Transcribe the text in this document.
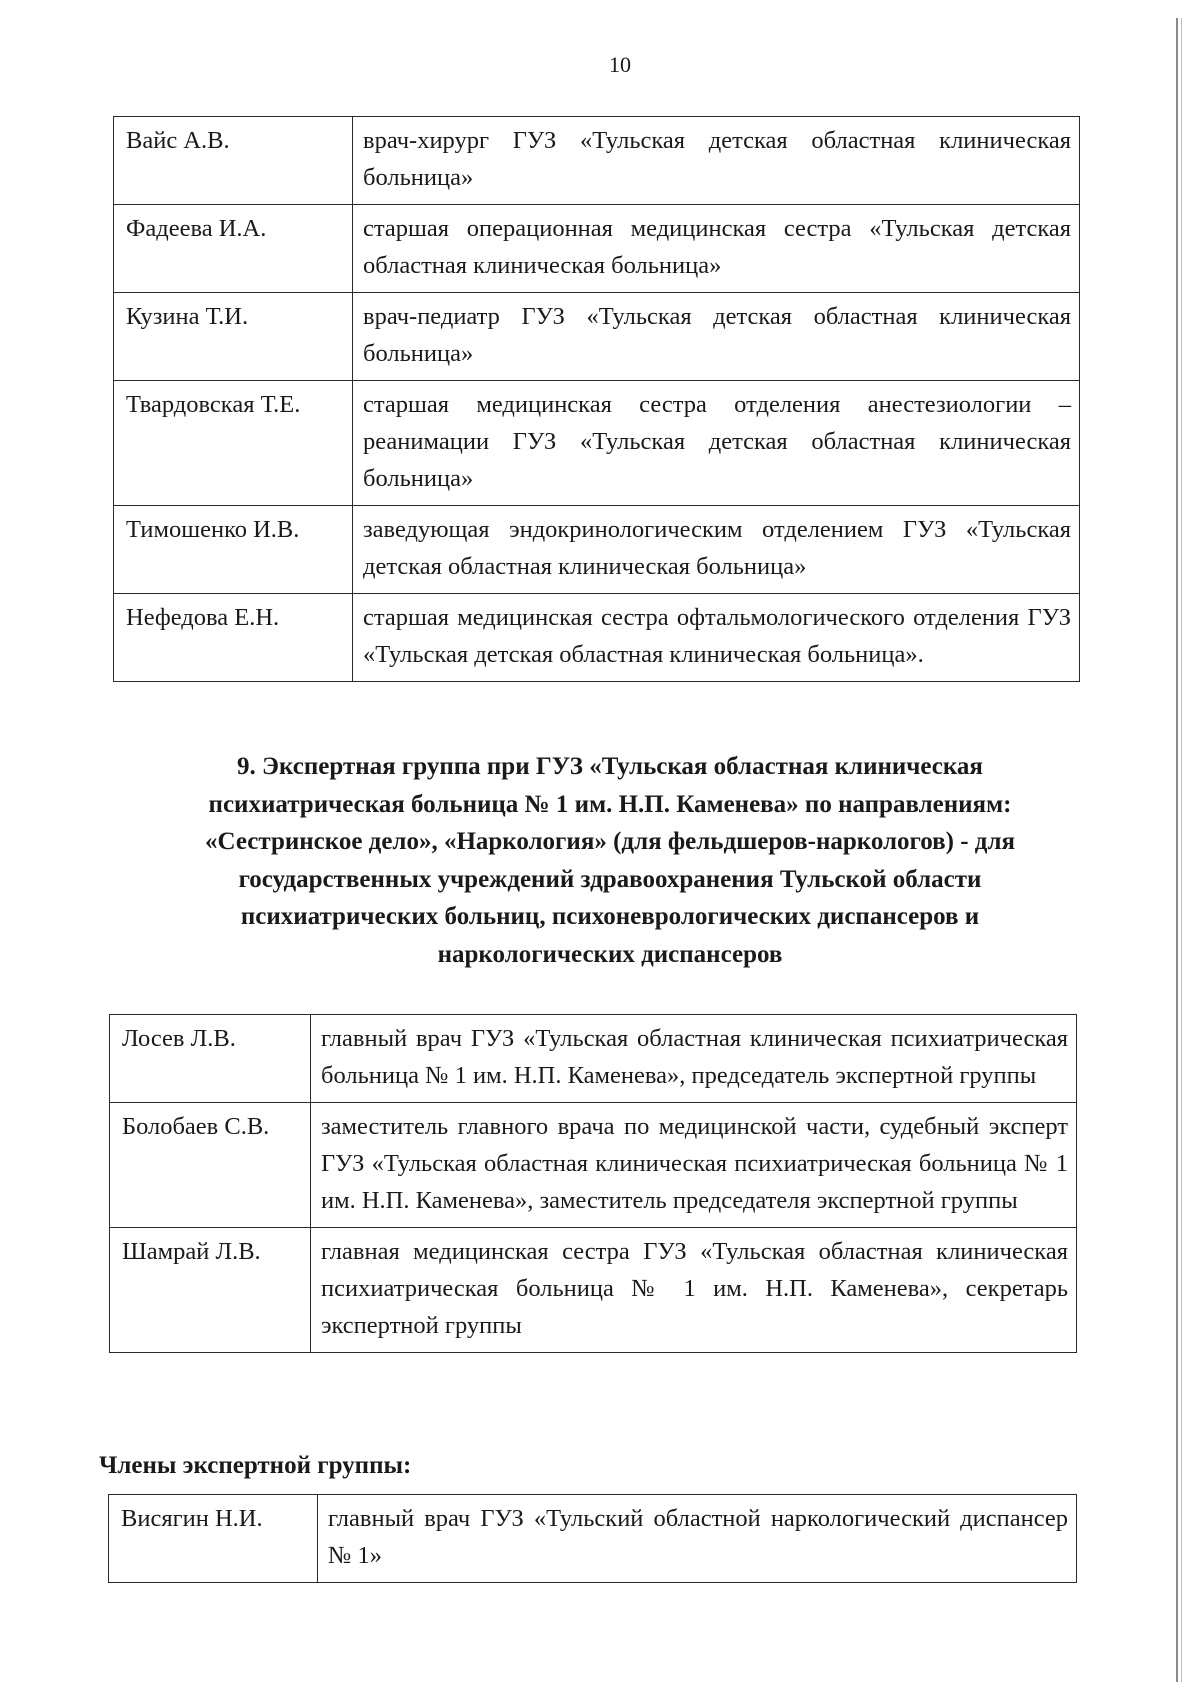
10
Вайс А.В.	врач-хирург ГУЗ «Тульская детская областная клиническая больница»
Фадеева И.А.	старшая операционная медицинская сестра «Тульская детская областная клиническая больница»
Кузина Т.И.	врач-педиатр ГУЗ «Тульская детская областная клиническая больница»
Твардовская Т.Е.	старшая медицинская сестра отделения анестезиологии – реанимации ГУЗ «Тульская детская областная клиническая больница»
Тимошенко И.В.	заведующая эндокринологическим отделением ГУЗ «Тульская детская областная клиническая больница»
Нефедова Е.Н.	старшая медицинская сестра офтальмологического отделения ГУЗ «Тульская детская областная клиническая больница».
9. Экспертная группа при ГУЗ «Тульская областная клиническая психиатрическая больница № 1 им. Н.П. Каменева» по направлениям: «Сестринское дело», «Наркология» (для фельдшеров-наркологов) - для государственных учреждений здравоохранения Тульской области психиатрических больниц, психоневрологических диспансеров и наркологических диспансеров
Лосев Л.В.	главный врач ГУЗ «Тульская областная клиническая психиатрическая больница № 1 им. Н.П. Каменева», председатель экспертной группы
Болобаев С.В.	заместитель главного врача по медицинской части, судебный эксперт ГУЗ «Тульская областная клиническая психиатрическая больница № 1 им. Н.П. Каменева», заместитель председателя экспертной группы
Шамрай Л.В.	главная медицинская сестра ГУЗ «Тульская областная клиническая психиатрическая больница № 1 им. Н.П. Каменева», секретарь экспертной группы
Члены экспертной группы:
Висягин Н.И.	главный врач ГУЗ «Тульский областной наркологический диспансер № 1»
